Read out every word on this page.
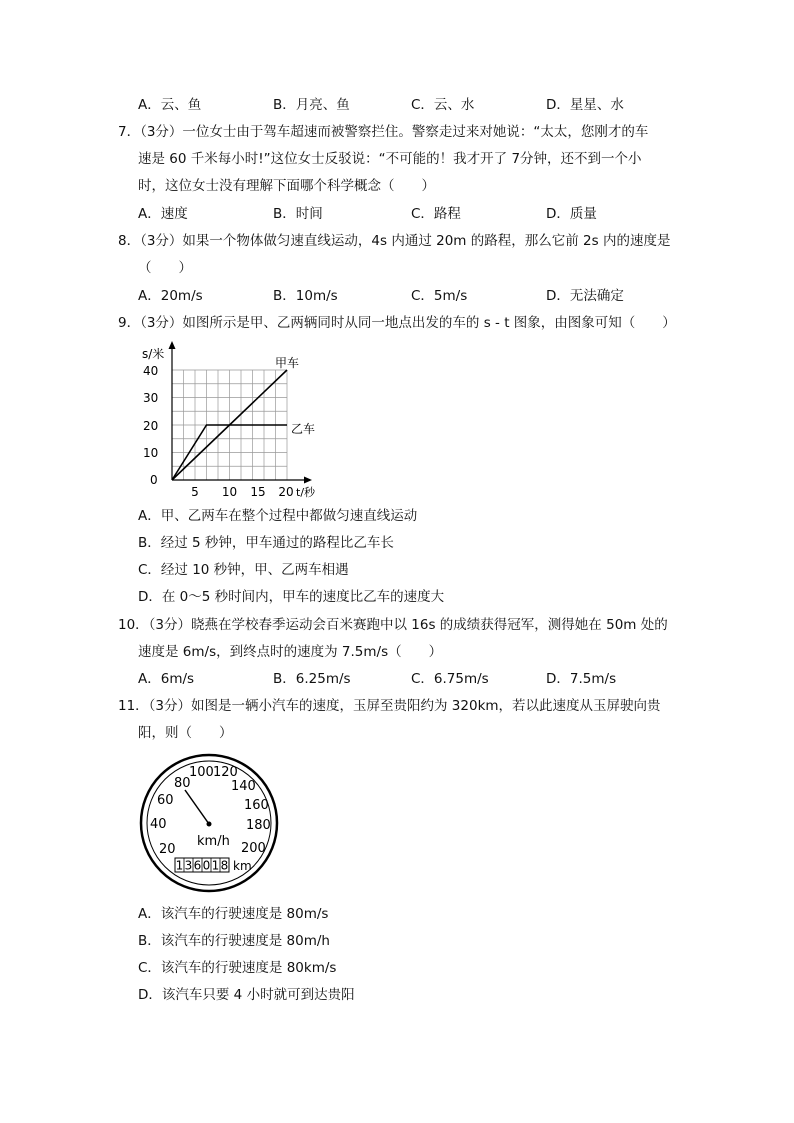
A．云、鱼	B．月亮、鱼	C．云、水	D．星星、水
7．（3分）一位女士由于驾车超速而被警察拦住。警察走过来对她说：“太太，您刚才的车
速是 60 千米每小时!”这位女士反驳说：“不可能的！我才开了 7分钟，还不到一个小
时，这位女士没有理解下面哪个科学概念（　　）
A．速度	B．时间	C．路程	D．质量
8．（3分）如果一个物体做匀速直线运动，4s 内通过 20m 的路程，那么它前 2s 内的速度是
（　　）
A．20m/s	B．10m/s	C．5m/s	D．无法确定
9．（3分）如图所示是甲、乙两辆同时从同一地点出发的车的 s - t 图象，由图象可知（　　）
s/米
40
30
20
10
0
5 10 15 20 t/秒
甲车
乙车
A．甲、乙两车在整个过程中都做匀速直线运动
B．经过 5 秒钟，甲车通过的路程比乙车长
C．经过 10 秒钟，甲、乙两车相遇
D．在 0～5 秒时间内，甲车的速度比乙车的速度大
10．（3分）晓燕在学校春季运动会百米赛跑中以 16s 的成绩获得冠军，测得她在 50m 处的
速度是 6m/s，到终点时的速度为 7.5m/s（　　）
A．6m/s	B．6.25m/s	C．6.75m/s	D．7.5m/s
11．（3分）如图是一辆小汽车的速度，玉屏至贵阳约为 320km，若以此速度从玉屏驶向贵
阳，则（　　）
20
40
60
80
100 120
140
160
180
200
km/h
1 3 6 0 1 8 km
A．该汽车的行驶速度是 80m/s
B．该汽车的行驶速度是 80m/h
C．该汽车的行驶速度是 80km/s
D．该汽车只要 4 小时就可到达贵阳
